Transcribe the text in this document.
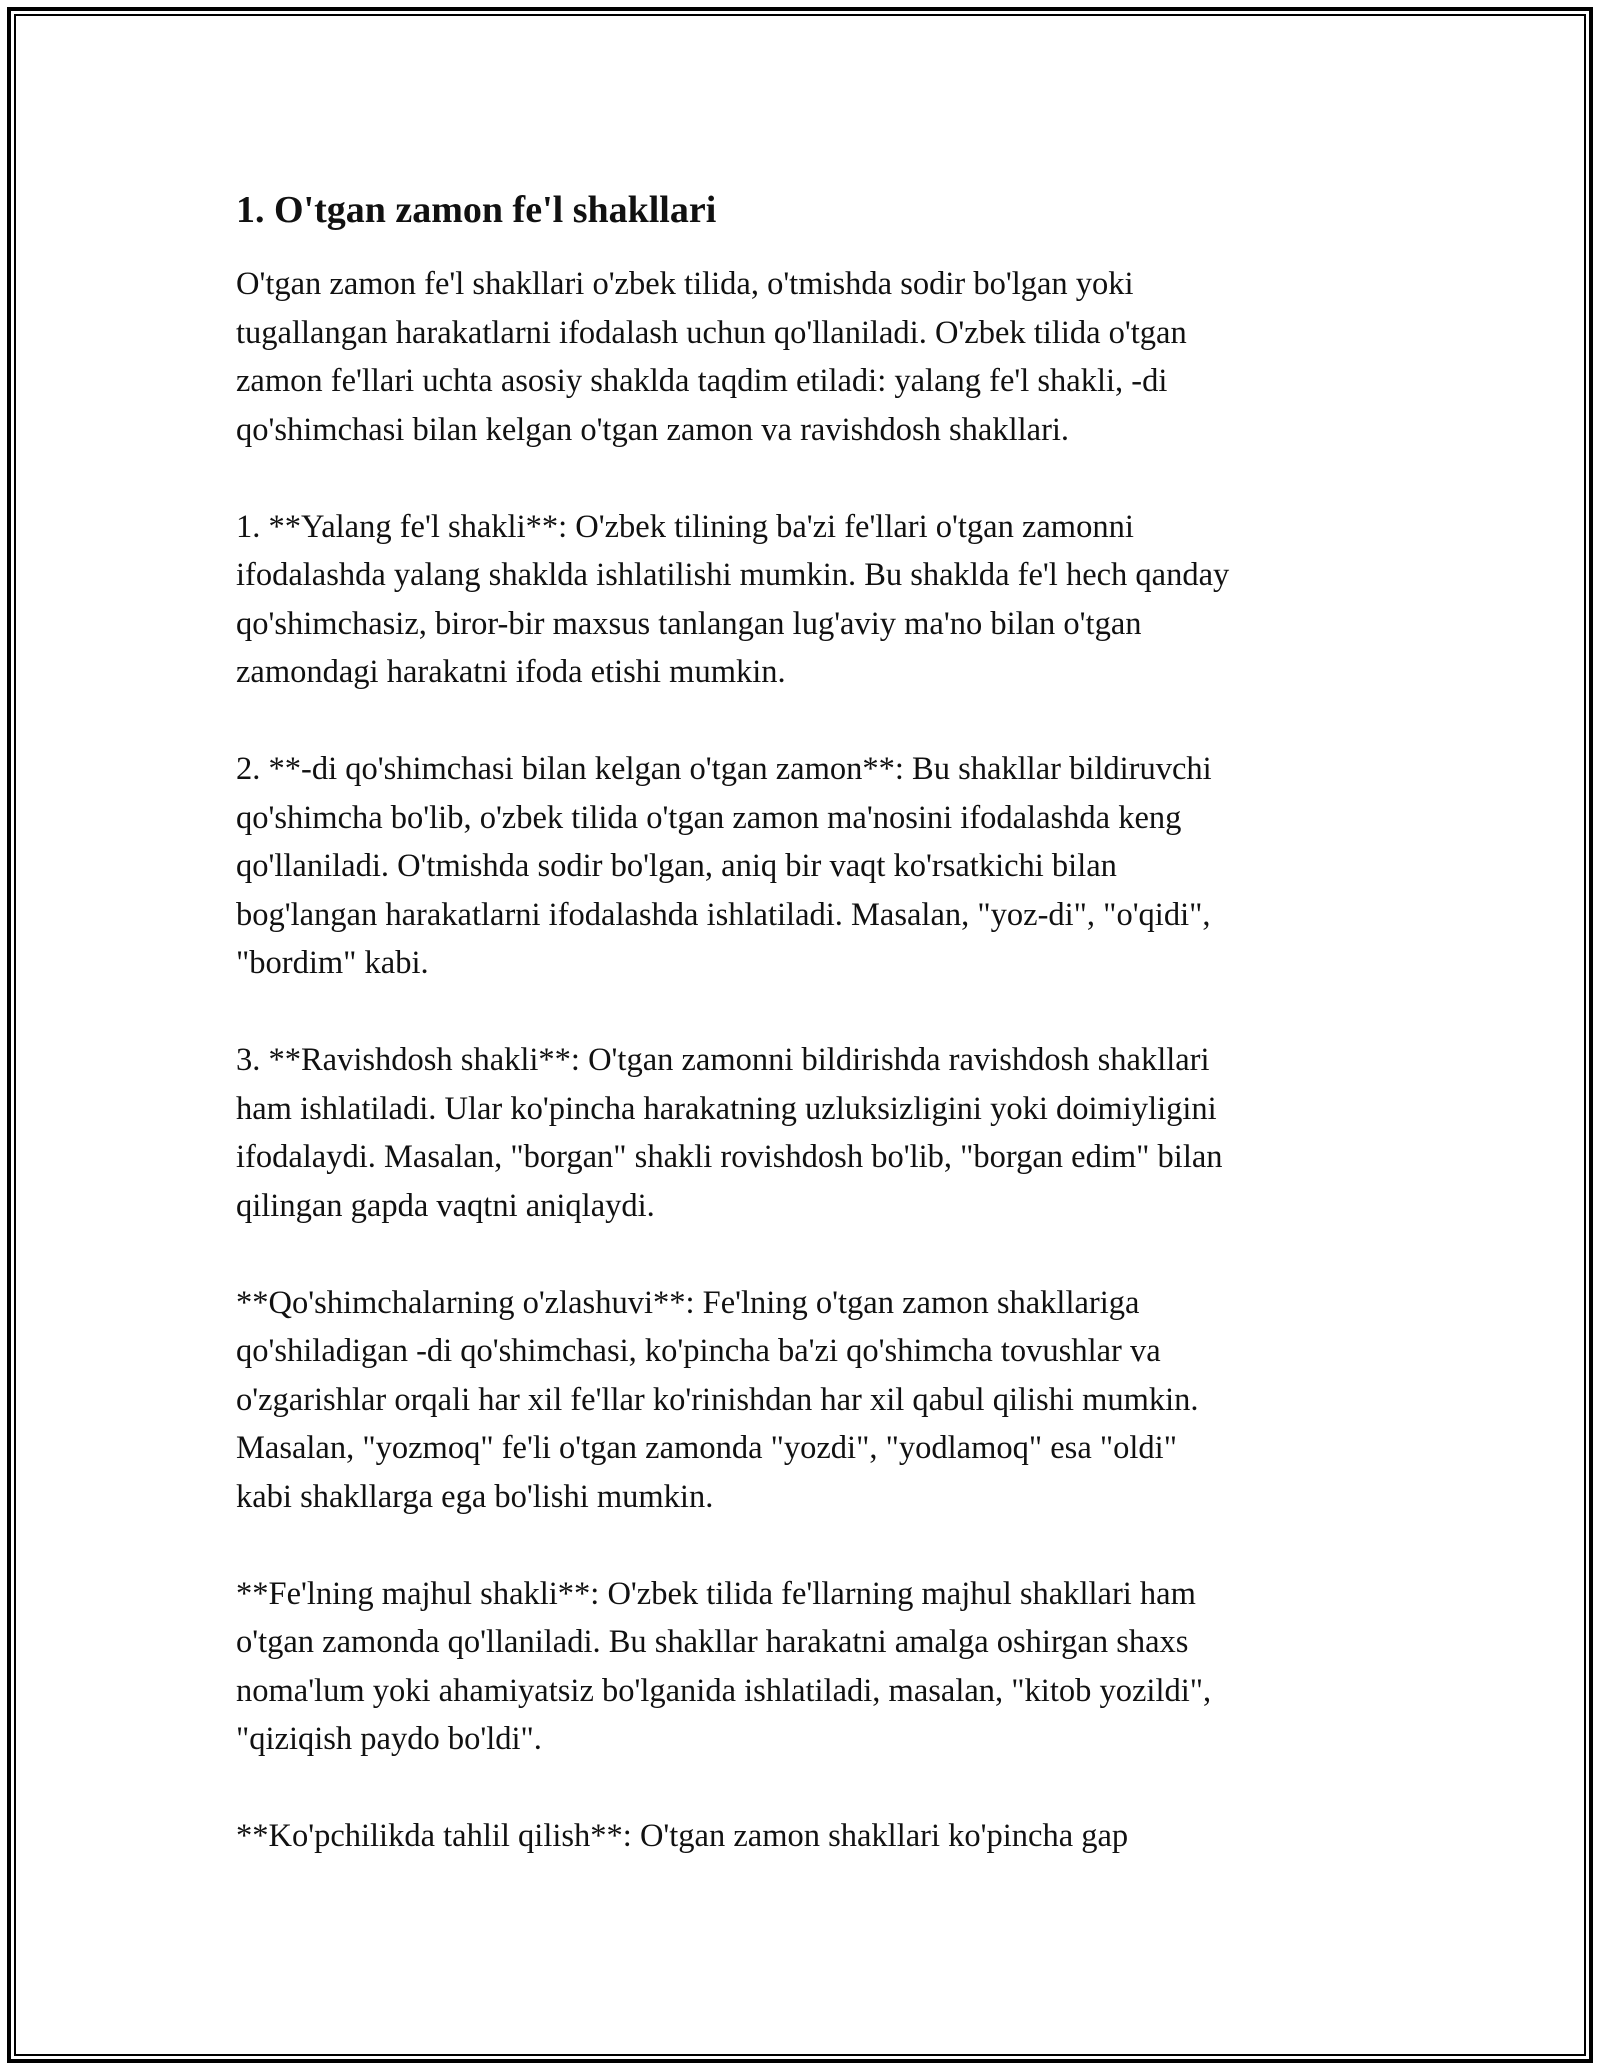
1. O'tgan zamon fe'l shakllari

O'tgan zamon fe'l shakllari o'zbek tilida, o'tmishda sodir bo'lgan yoki
tugallangan harakatlarni ifodalash uchun qo'llaniladi. O'zbek tilida o'tgan
zamon fe'llari uchta asosiy shaklda taqdim etiladi: yalang fe'l shakli, -di
qo'shimchasi bilan kelgan o'tgan zamon va ravishdosh shakllari.

1. **Yalang fe'l shakli**: O'zbek tilining ba'zi fe'llari o'tgan zamonni
ifodalashda yalang shaklda ishlatilishi mumkin. Bu shaklda fe'l hech qanday
qo'shimchasiz, biror-bir maxsus tanlangan lug'aviy ma'no bilan o'tgan
zamondagi harakatni ifoda etishi mumkin.

2. **-di qo'shimchasi bilan kelgan o'tgan zamon**: Bu shakllar bildiruvchi
qo'shimcha bo'lib, o'zbek tilida o'tgan zamon ma'nosini ifodalashda keng
qo'llaniladi. O'tmishda sodir bo'lgan, aniq bir vaqt ko'rsatkichi bilan
bog'langan harakatlarni ifodalashda ishlatiladi. Masalan, "yoz-di", "o'qidi",
"bordim" kabi.

3. **Ravishdosh shakli**: O'tgan zamonni bildirishda ravishdosh shakllari
ham ishlatiladi. Ular ko'pincha harakatning uzluksizligini yoki doimiyligini
ifodalaydi. Masalan, "borgan" shakli rovishdosh bo'lib, "borgan edim" bilan
qilingan gapda vaqtni aniqlaydi.

**Qo'shimchalarning o'zlashuvi**: Fe'lning o'tgan zamon shakllariga
qo'shiladigan -di qo'shimchasi, ko'pincha ba'zi qo'shimcha tovushlar va
o'zgarishlar orqali har xil fe'llar ko'rinishdan har xil qabul qilishi mumkin.
Masalan, "yozmoq" fe'li o'tgan zamonda "yozdi", "yodlamoq" esa "oldi"
kabi shakllarga ega bo'lishi mumkin.

**Fe'lning majhul shakli**: O'zbek tilida fe'llarning majhul shakllari ham
o'tgan zamonda qo'llaniladi. Bu shakllar harakatni amalga oshirgan shaxs
noma'lum yoki ahamiyatsiz bo'lganida ishlatiladi, masalan, "kitob yozildi",
"qiziqish paydo bo'ldi".

**Ko'pchilikda tahlil qilish**: O'tgan zamon shakllari ko'pincha gap
